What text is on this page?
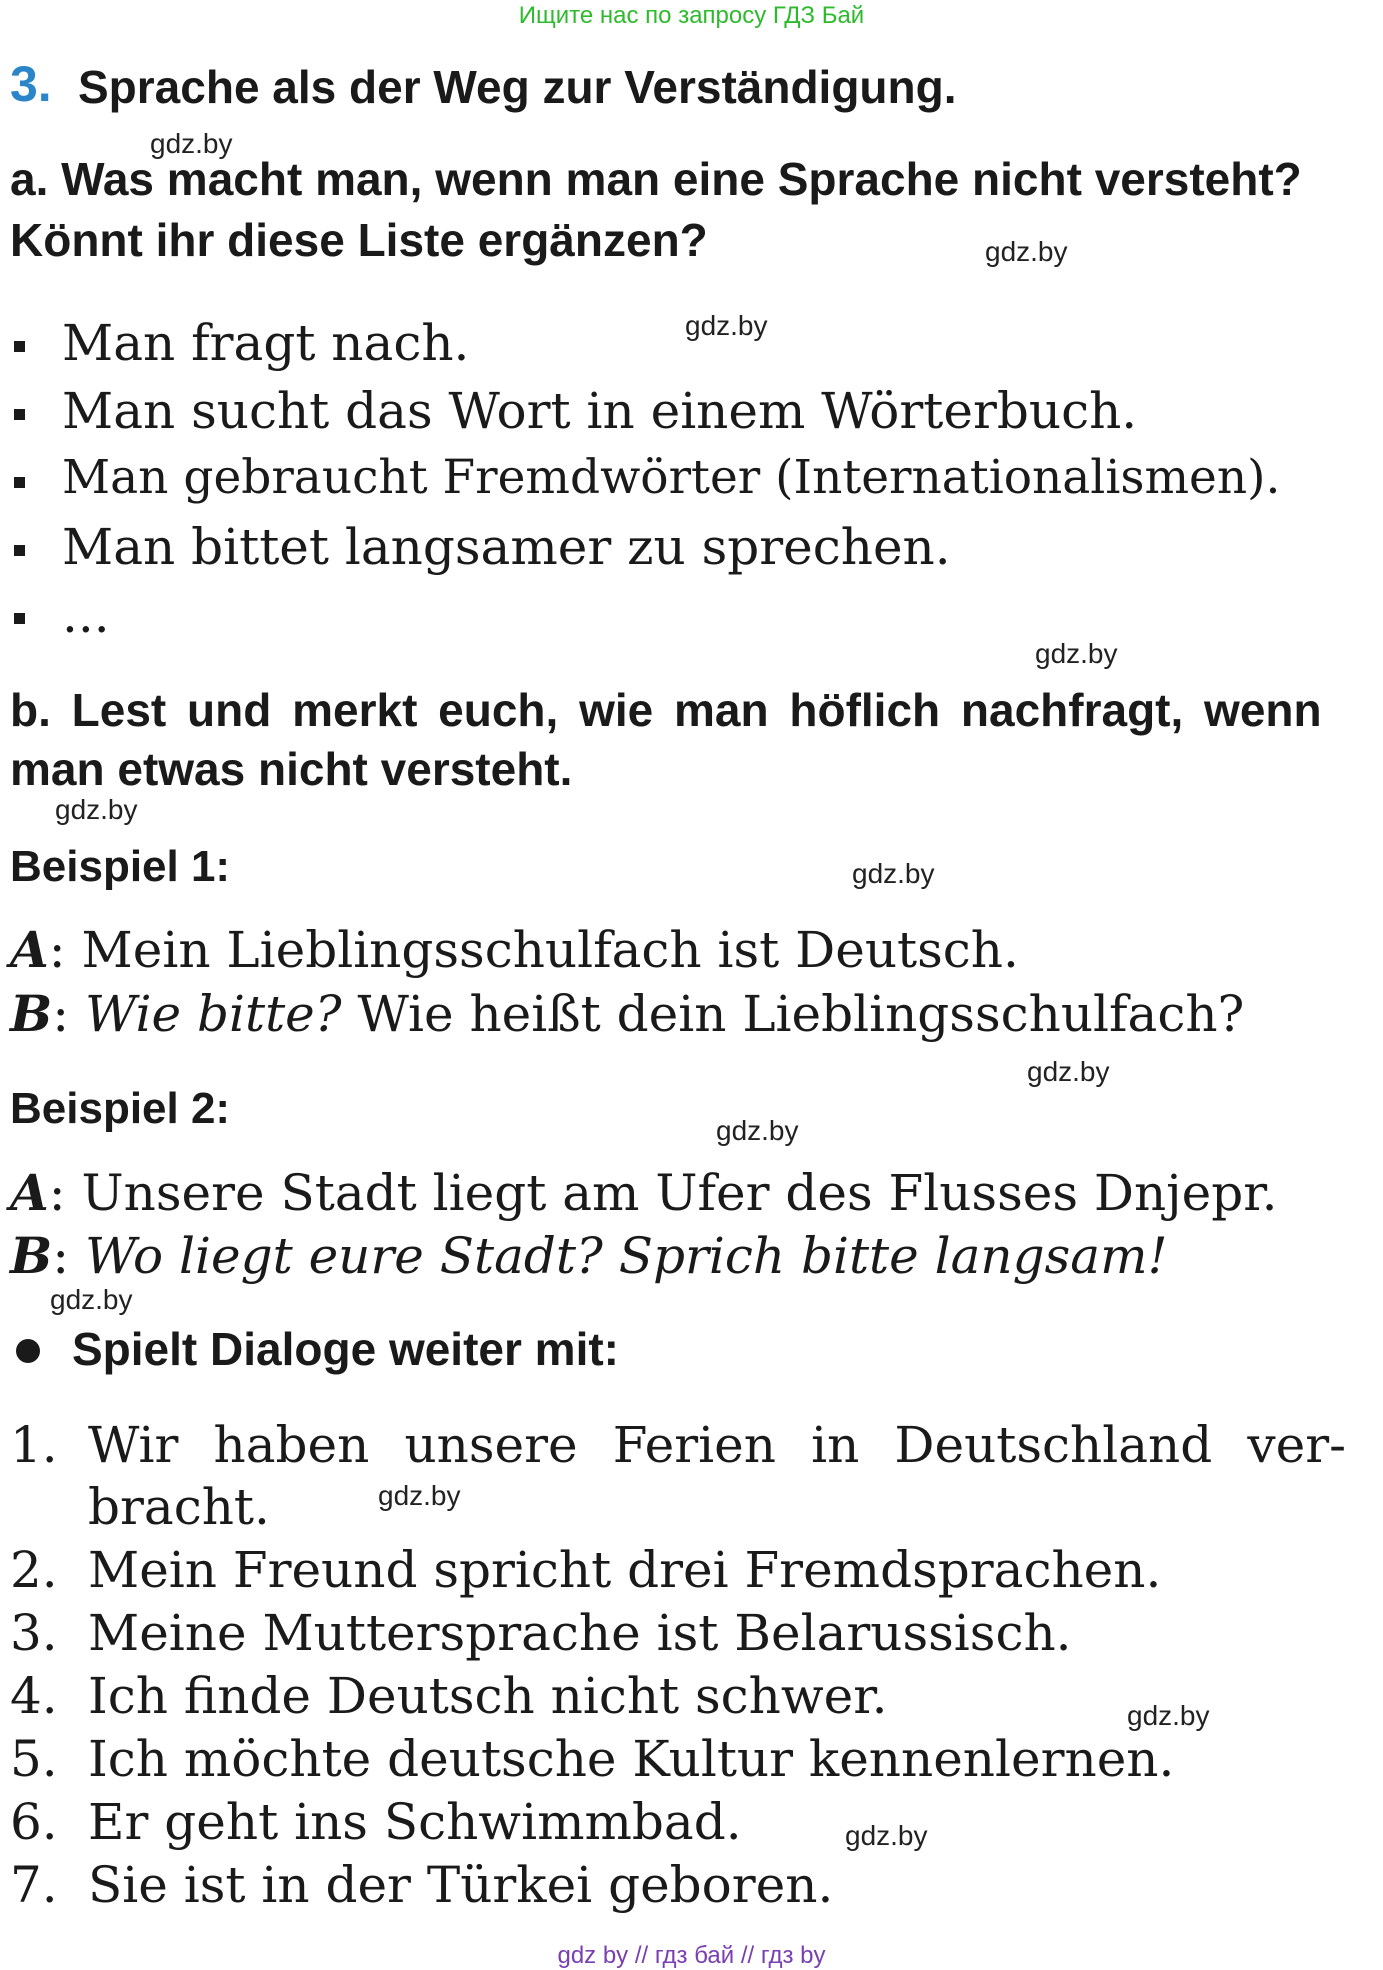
Ищите нас по запросу ГДЗ Бай
3. Sprache als der Weg zur Verständigung.
a. Was macht man, wenn man eine Sprache nicht versteht?
Könnt ihr diese Liste ergänzen?
Man fragt nach.
Man sucht das Wort in einem Wörterbuch.
Man gebraucht Fremdwörter (Internationalismen).
Man bittet langsamer zu sprechen.
...
b. Lest und merkt euch, wie man höflich nachfragt, wenn
man etwas nicht versteht.
Beispiel 1:
A: Mein Lieblingsschulfach ist Deutsch.
B: Wie bitte? Wie heißt dein Lieblingsschulfach?
Beispiel 2:
A: Unsere Stadt liegt am Ufer des Flusses Dnjepr.
B: Wo liegt eure Stadt? Sprich bitte langsam!
Spielt Dialoge weiter mit:
1. Wir haben unsere Ferien in Deutschland ver-
bracht.
2. Mein Freund spricht drei Fremdsprachen.
3. Meine Muttersprache ist Belarussisch.
4. Ich finde Deutsch nicht schwer.
5. Ich möchte deutsche Kultur kennenlernen.
6. Er geht ins Schwimmbad.
7. Sie ist in der Türkei geboren.
gdz.by
gdz.by
gdz.by
gdz.by
gdz.by
gdz.by
gdz.by
gdz.by
gdz.by
gdz.by
gdz.by
gdz.by
gdz by // гдз бай // гдз by
